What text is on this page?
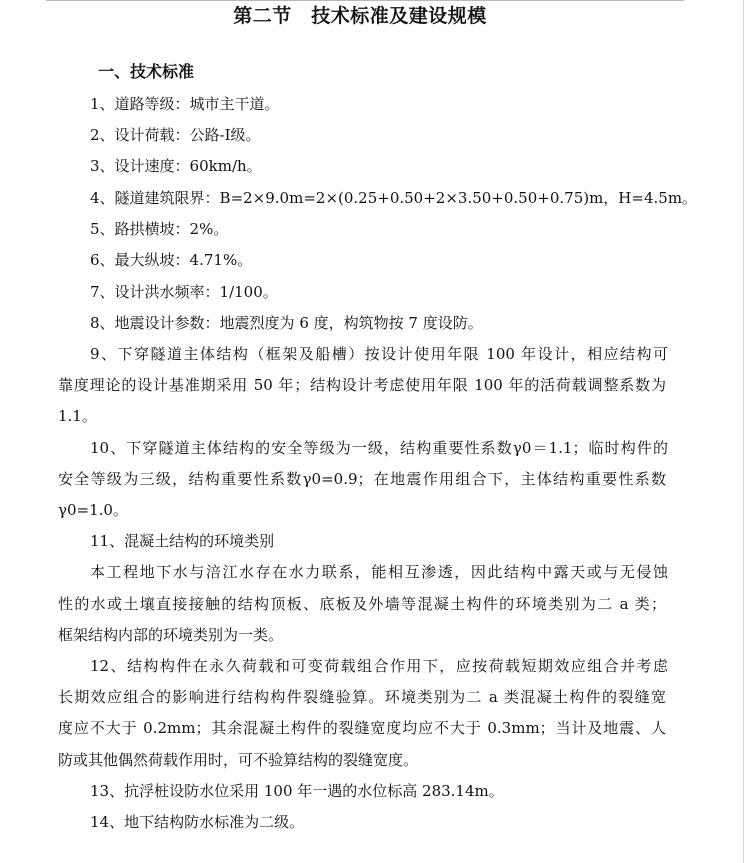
第二节　技术标准及建设规模
一、技术标准
1、道路等级：城市主干道。
2、设计荷载：公路-Ⅰ级。
3、设计速度：60km/h。
4、隧道建筑限界：B=2×9.0m=2×(0.25+0.50+2×3.50+0.50+0.75)m，H=4.5m。
5、路拱横坡：2%。
6、最大纵坡：4.71%。
7、设计洪水频率：1/100。
8、地震设计参数：地震烈度为 6 度，构筑物按 7 度设防。
9、下穿隧道主体结构（框架及船槽）按设计使用年限 100 年设计，相应结构可
靠度理论的设计基准期采用 50 年；结构设计考虑使用年限 100 年的活荷载调整系数为
1.1。
10、下穿隧道主体结构的安全等级为一级，结构重要性系数γ0＝1.1；临时构件的
安全等级为三级，结构重要性系数γ0=0.9；在地震作用组合下，主体结构重要性系数
γ0=1.0。
11、混凝土结构的环境类别
本工程地下水与涪江水存在水力联系，能相互渗透，因此结构中露天或与无侵蚀
性的水或土壤直接接触的结构顶板、底板及外墙等混凝土构件的环境类别为二 a 类；
框架结构内部的环境类别为一类。
12、结构构件在永久荷载和可变荷载组合作用下，应按荷载短期效应组合并考虑
长期效应组合的影响进行结构构件裂缝验算。环境类别为二 a 类混凝土构件的裂缝宽
度应不大于 0.2mm；其余混凝土构件的裂缝宽度均应不大于 0.3mm；当计及地震、人
防或其他偶然荷载作用时，可不验算结构的裂缝宽度。
13、抗浮桩设防水位采用 100 年一遇的水位标高 283.14m。
14、地下结构防水标准为二级。
